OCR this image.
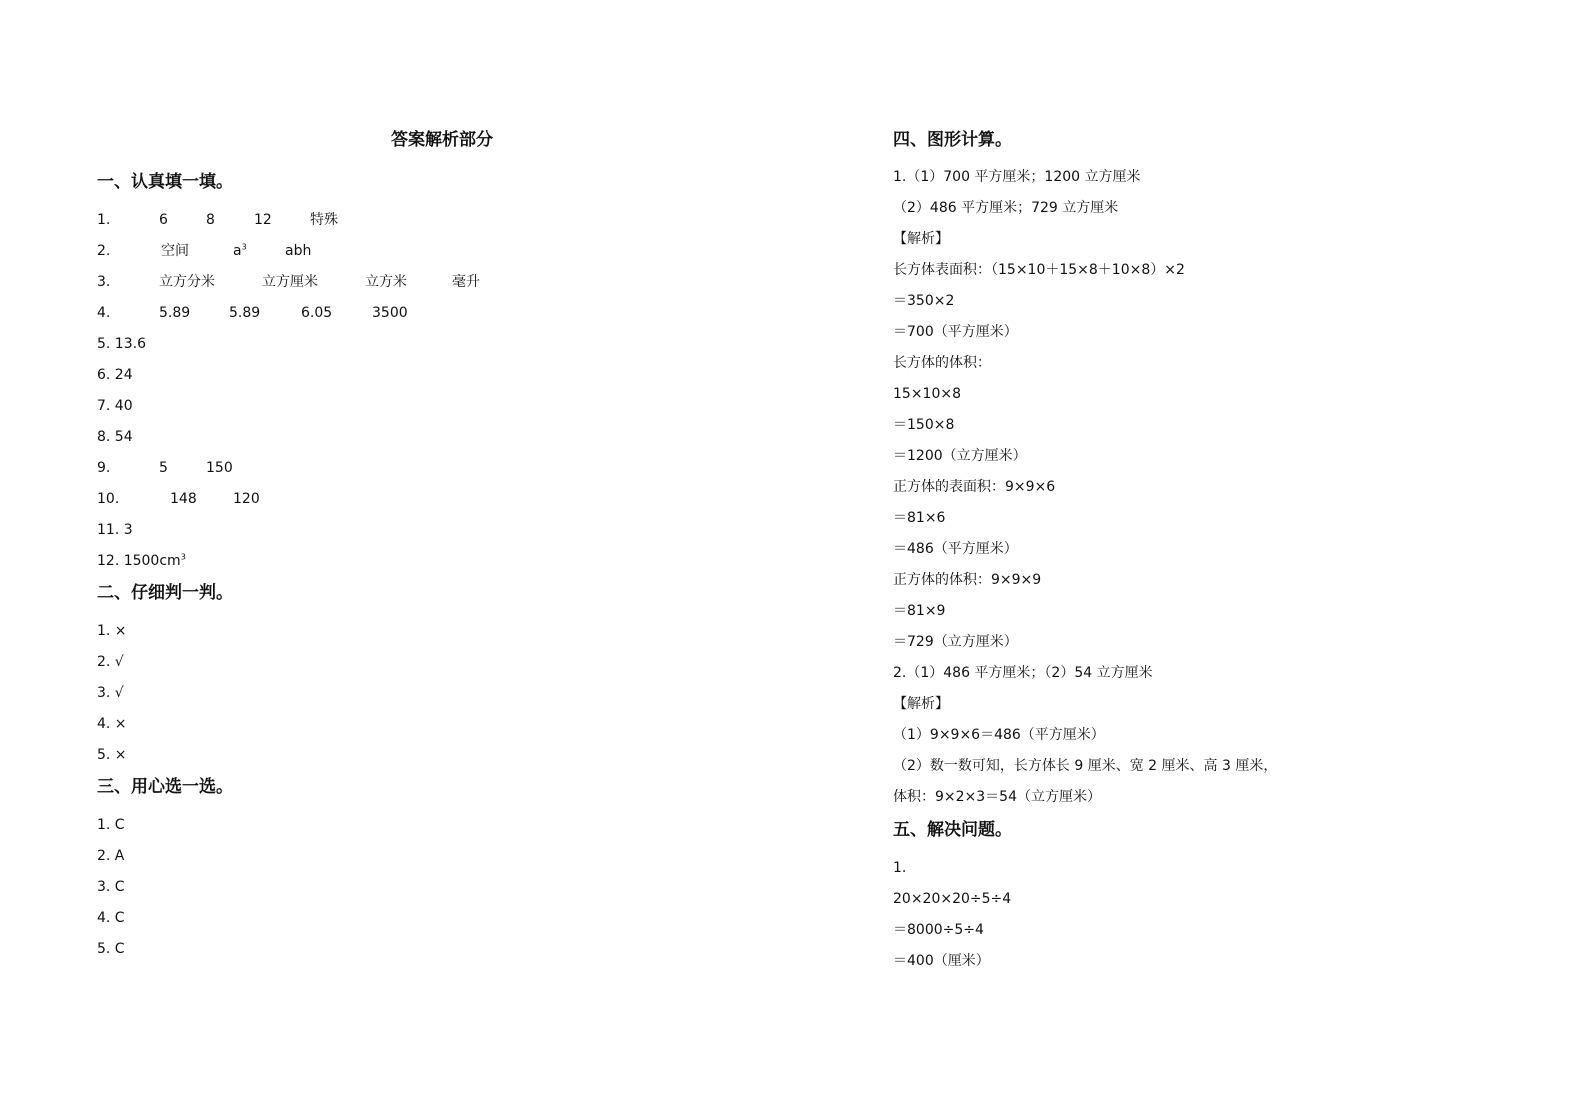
答案解析部分
一、认真填一填。
1.	6	8	12	特殊
2.	空间	$a^3$	abh
3.	立方分米	立方厘米	立方米	毫升
4.	5.89	5.89	6.05	3500
5. 13.6
6. 24
7. 40
8. 54
9.	5	150
10.	148	120
11. 3
12. $1500cm^3$
二、仔细判一判。
1. ×
2. √
3. √
4. ×
5. ×
三、用心选一选。
1. C
2. A
3. C
4. C
5. C
四、图形计算。
1.（1）700 平方厘米；1200 立方厘米
（2）486 平方厘米；729 立方厘米
【解析】
长方体表面积：（15×10＋15×8＋10×8）×2
＝350×2
＝700（平方厘米）
长方体的体积：
15×10×8
＝150×8
＝1200（立方厘米）
正方体的表面积：9×9×6
＝81×6
＝486（平方厘米）
正方体的体积：9×9×9
＝81×9
＝729（立方厘米）
2.（1）486 平方厘米；（2）54 立方厘米
【解析】
（1）9×9×6＝486（平方厘米）
（2）数一数可知，长方体长 9 厘米、宽 2 厘米、高 3 厘米，
体积：9×2×3＝54（立方厘米）
五、解决问题。
1.
20×20×20÷5÷4
＝8000÷5÷4
＝400（厘米）
